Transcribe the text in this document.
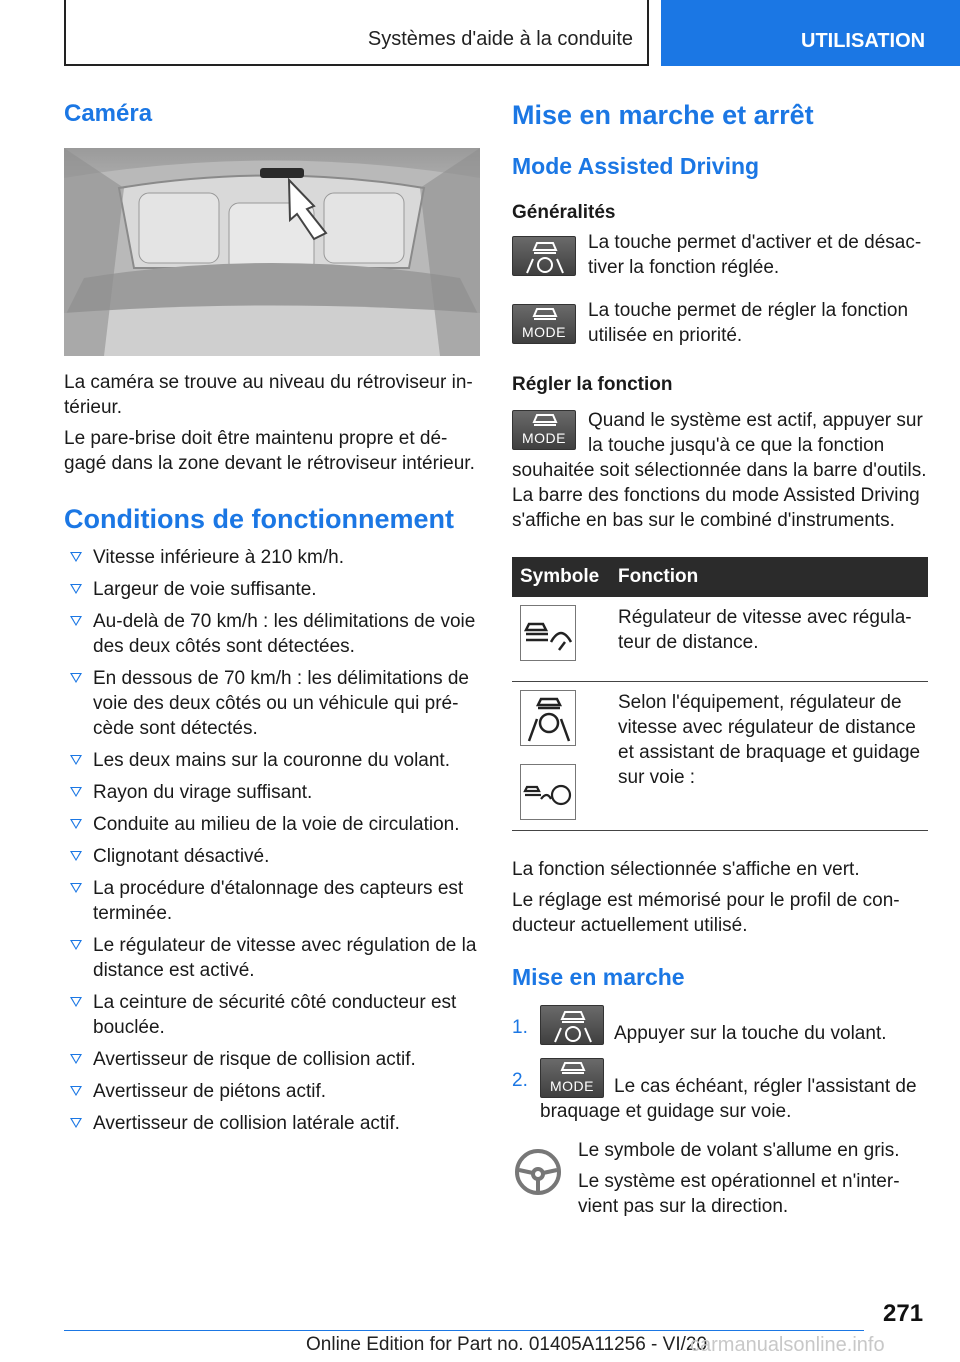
Systèmes d'aide à la conduite	UTILISATION
Caméra

La caméra se trouve au niveau du rétroviseur in-térieur.

Le pare-brise doit être maintenu propre et dé-gagé dans la zone devant le rétroviseur intérieur.

Conditions de fonctionnement
Vitesse inférieure à 210 km/h.
Largeur de voie suffisante.
Au-delà de 70 km/h : les délimitations de voie des deux côtés sont détectées.
En dessous de 70 km/h : les délimitations de voie des deux côtés ou un véhicule qui pré-cède sont détectés.
Les deux mains sur la couronne du volant.
Rayon du virage suffisant.
Conduite au milieu de la voie de circulation.
Clignotant désactivé.
La procédure d'étalonnage des capteurs est terminée.
Le régulateur de vitesse avec régulation de la distance est activé.
La ceinture de sécurité côté conducteur est bouclée.
Avertisseur de risque de collision actif.
Avertisseur de piétons actif.
Avertisseur de collision latérale actif.
Mise en marche et arrêt
Mode Assisted Driving
Généralités

La touche permet d'activer et de désac-tiver la fonction réglée.

MODE

La touche permet de régler la fonction utilisée en priorité.

Régler la fonction
MODE

Quand le système est actif, appuyer sur la touche jusqu'à ce que la fonction souhaitée soit sélectionnée dans la barre d'outils. La barre des fonctions du mode Assisted Driving s'affiche en bas sur le combiné d'instruments.

Symbole	Fonction
	Régulateur de vitesse avec régula-teur de distance.

	Selon l'équipement, régulateur de vitesse avec régulateur de distance et assistant de braquage et guidage sur voie :

La fonction sélectionnée s'affiche en vert.

Le réglage est mémorisé pour le profil de con-ducteur actuellement utilisé.

Mise en marche
1.	Appuyer sur la touche du volant.

2.	MODE	Le cas échéant, régler l'assistant de braquage et guidage sur voie.

Le symbole de volant s'allume en gris.

Le système est opérationnel et n'inter-vient pas sur la direction.

271
Online Edition for Part no. 01405A11256 - VI/20
carmanualsonline.info
